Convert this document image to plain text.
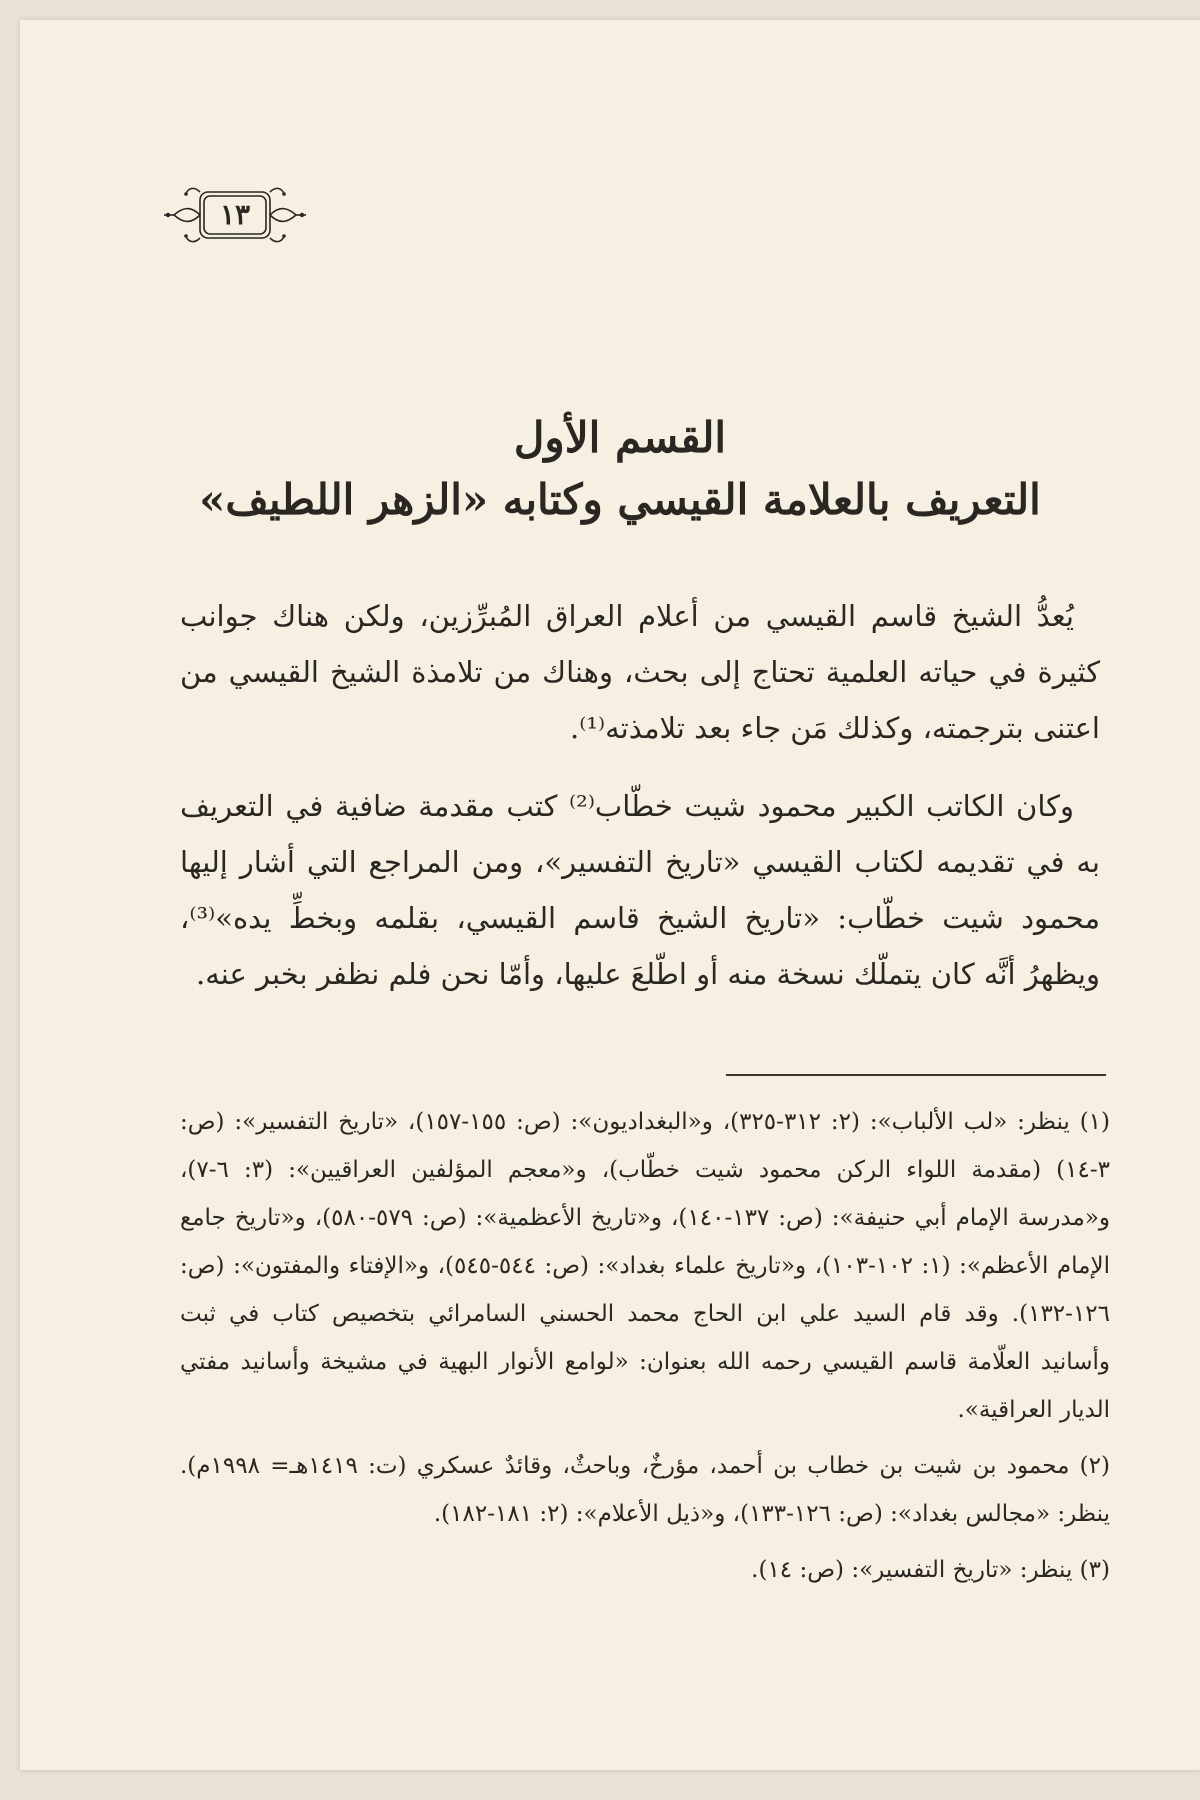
١٣
القسم الأول
التعريف بالعلامة القيسي وكتابه «الزهر اللطيف»

يُعدُّ الشيخ قاسم القيسي من أعلام العراق المُبرِّزين، ولكن هناك جوانب كثيرة في حياته العلمية تحتاج إلى بحث، وهناك من تلامذة الشيخ القيسي من اعتنى بترجمته، وكذلك مَن جاء بعد تلامذته⁽¹⁾.

وكان الكاتب الكبير محمود شيت خطّاب⁽²⁾ كتب مقدمة ضافية في التعريف به في تقديمه لكتاب القيسي «تاريخ التفسير»، ومن المراجع التي أشار إليها محمود شيت خطّاب: «تاريخ الشيخ قاسم القيسي، بقلمه وبخطِّ يده»⁽³⁾، ويظهرُ أنَّه كان يتملّك نسخة منه أو اطّلعَ عليها، وأمّا نحن فلم نظفر بخبر عنه.

(١) ينظر: «لب الألباب»: (٢: ٣١٢-٣٢٥)، و«البغداديون»: (ص: ١٥٥-١٥٧)، «تاريخ التفسير»: (ص: ٣-١٤) (مقدمة اللواء الركن محمود شيت خطّاب)، و«معجم المؤلفين العراقيين»: (٣: ٦-٧)، و«مدرسة الإمام أبي حنيفة»: (ص: ١٣٧-١٤٠)، و«تاريخ الأعظمية»: (ص: ٥٧٩-٥٨٠)، و«تاريخ جامع الإمام الأعظم»: (١: ١٠٢-١٠٣)، و«تاريخ علماء بغداد»: (ص: ٥٤٤-٥٤٥)، و«الإفتاء والمفتون»: (ص: ١٢٦-١٣٢). وقد قام السيد علي ابن الحاج محمد الحسني السامرائي بتخصيص كتاب في ثبت وأسانيد العلّامة قاسم القيسي رحمه الله بعنوان: «لوامع الأنوار البهية في مشيخة وأسانيد مفتي الديار العراقية».

(٢) محمود بن شيت بن خطاب بن أحمد، مؤرخٌ، وباحثٌ، وقائدٌ عسكري (ت: ١٤١٩هـ= ١٩٩٨م). ينظر: «مجالس بغداد»: (ص: ١٢٦-١٣٣)، و«ذيل الأعلام»: (٢: ١٨١-١٨٢).

(٣) ينظر: «تاريخ التفسير»: (ص: ١٤).
